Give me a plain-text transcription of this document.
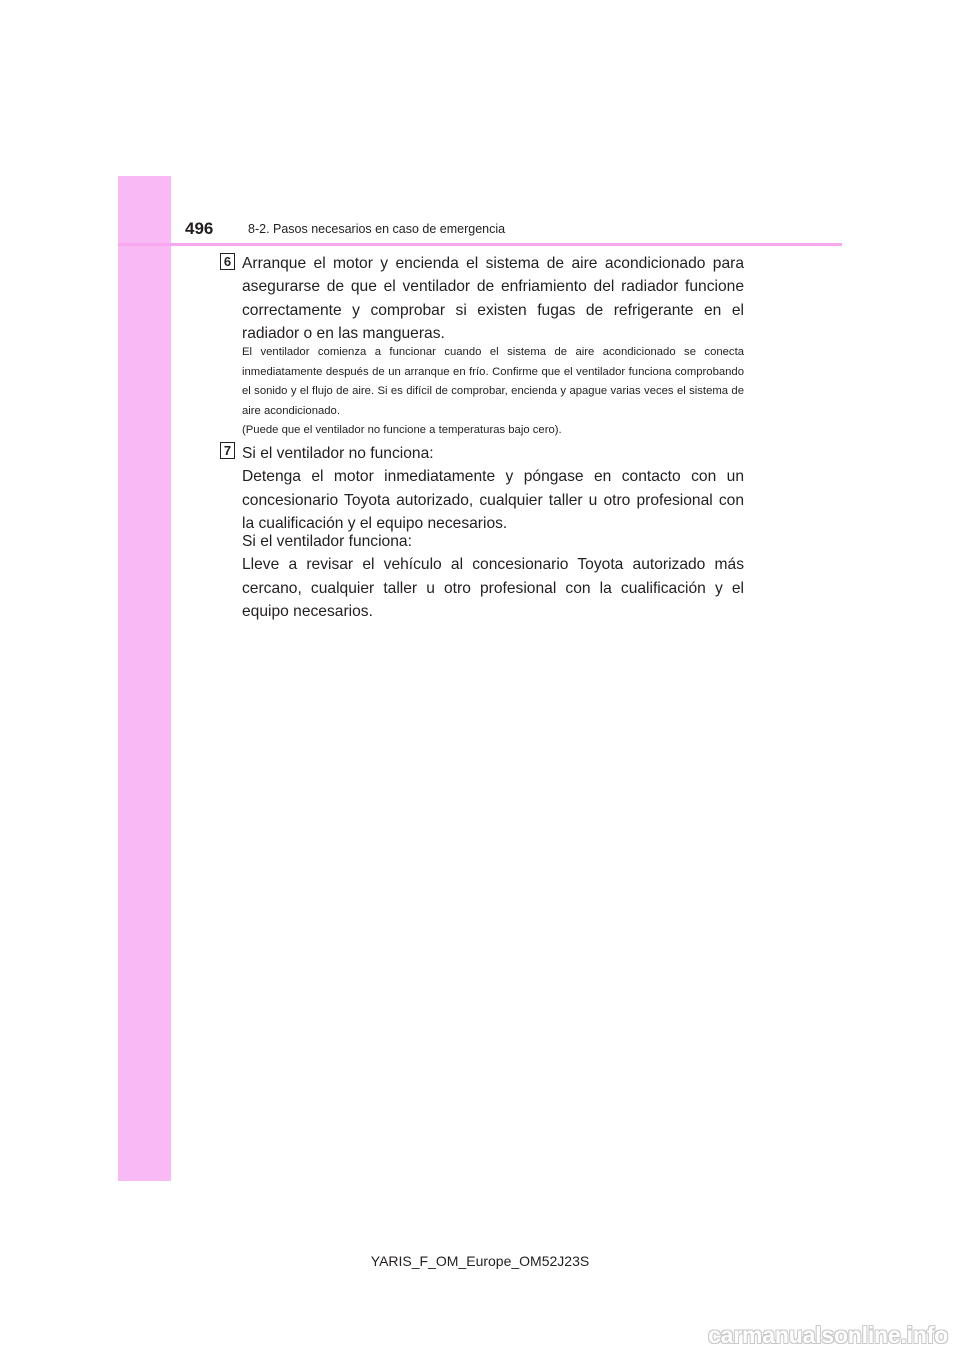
496	8-2. Pasos necesarios en caso de emergencia
6 Arranque el motor y encienda el sistema de aire acondicionado para asegurarse de que el ventilador de enfriamiento del radiador funcione correctamente y comprobar si existen fugas de refrigerante en el radiador o en las mangueras.

El ventilador comienza a funcionar cuando el sistema de aire acondicionado se conecta inmediatamente después de un arranque en frío. Confirme que el ventilador funciona comprobando el sonido y el flujo de aire. Si es difícil de comprobar, encienda y apague varias veces el sistema de aire acondicionado.

(Puede que el ventilador no funcione a temperaturas bajo cero).

7 Si el ventilador no funciona:

Detenga el motor inmediatamente y póngase en contacto con un concesionario Toyota autorizado, cualquier taller u otro profesional con la cualificación y el equipo necesarios.

Si el ventilador funciona:

Lleve a revisar el vehículo al concesionario Toyota autorizado más cercano, cualquier taller u otro profesional con la cualificación y el equipo necesarios.

YARIS_F_OM_Europe_OM52J23S
carmanualsonline.info
